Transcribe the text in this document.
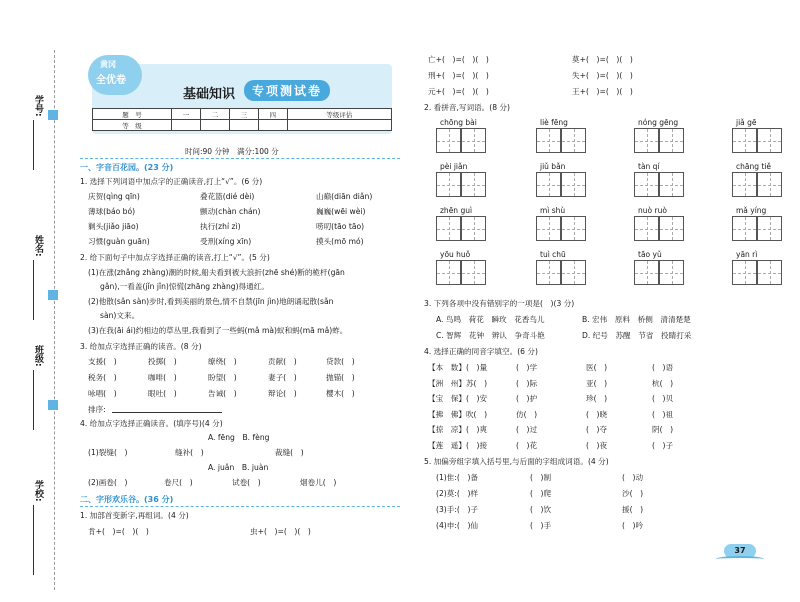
学号:
姓名:
班级:
学校:
黄冈
全优卷
基础知识	专项测试卷
题　号	一	二	三	四	等级评估
等　级					
时间:90 分钟　满分:100 分
一、字音百花园。(23 分)
1. 选择下列词语中加点字的正确读音,打上“√”。(6 分)
庆贺(qìng qīn)	叠花篮(dié dèi)	山巅(diān diǎn)
薄球(báo bó)	颤动(chàn chán)	巍巍(wēi wèi)
剿头(jiǎo jiāo)	执行(zhí zì)	唠叨(tāo tāo)
习惯(guàn guān)	受刑(xíng xīn)	摸头(mō mó)
2. 给下面句子中加点字选择正确的读音,打上“√”。(5 分)
(1)在涨(zhǎng zhàng)潮的时候,船夫看到被大浪折(zhē shé)断的桅杆(gān
gǎn),一看盖(jǐn jǐn)惊慌(zhāng zhàng)得通红。
(2)他散(sǎn sàn)步时,看到美丽的景色,情不自禁(jīn jìn)地朗诵起散(sǎn
sàn)文来。
(3)在我(āi ái)约相边的草丛里,我看到了一些蚂(mǎ mà)蚁和蚂(mā mǎ)蚱。
3. 给加点字选择正确的读音。(8 分)
支援(　)	投掷(　)	缭绕(　)	贡献(　)	贷款(　)
税务(　)	咖啡(　)	盼望(　)	妻子(　)	抛锚(　)
咏唱(　)	眼吐(　)	告诫(　)	辩论(　)	樱木(　)
排序:
4. 给加点字选择正确读音。(填序号)(4 分)
A. fēng　B. fèng
(1)裂缝(　)	缝补(　)	裁缝(　)
A. juǎn　B. juàn
(2)画卷(　)	卷尺(　)	试卷(　)	烟卷儿(　)
二、字形欢乐谷。(36 分)
1. 加部首变新字,再组词。(4 分)
肯+(　)=(　)(　)	虫+(　)=(　)(　)
亡+(　)=(　)(　)	莫+(　)=(　)(　)
刑+(　)=(　)(　)	失+(　)=(　)(　)
元+(　)=(　)(　)	王+(　)=(　)(　)
2. 看拼音,写词语。(8 分)
chōng bài	liè fēng	nóng gēng	jiǎ gē
pèi jiǎn	jiǔ bǎn	tàn qí	chāng tiě
zhēn guì	mì shù	nuò ruò	mǎ yíng
yōu huǒ	tuì chū	tāo yǔ	yān rì
3. 下列各项中没有错别字的一项是(　)(3 分)
A. 鸟鸣　荷花　瞬玫　花香鸟儿	B. 宏伟　原料　桥侧　清清楚楚
C. 智辉　花钟　辨认　争奇斗艳	D. 纪号　苏醒　节省　投睛打采
4. 选择正确的同音字填空。(6 分)
【本　数】(　)量	(　)学	医(　)	(　)语
【洲　州】苏(　)	(　)际	亚(　)	杭(　)
【宝　保】(　)安	(　)护	珍(　)	(　)贝
【拂　佛】吹(　)	仿(　)	(　)晓	(　)祖
【掠　凉】(　)爽	(　)过	(　)夺	阴(　)
【莲　遥】(　)接	(　)花	(　)夜	(　)子
5. 加偏旁组字填入括号里,与后面的字组成词语。(4 分)
(1)隹:(　)备	(　)制	(　)动
(2)莫:(　)样	(　)爬	沙(　)
(3)手:(　)子	(　)饮	援(　)
(4)申:(　)仙	(　)手	(　)吟
37
